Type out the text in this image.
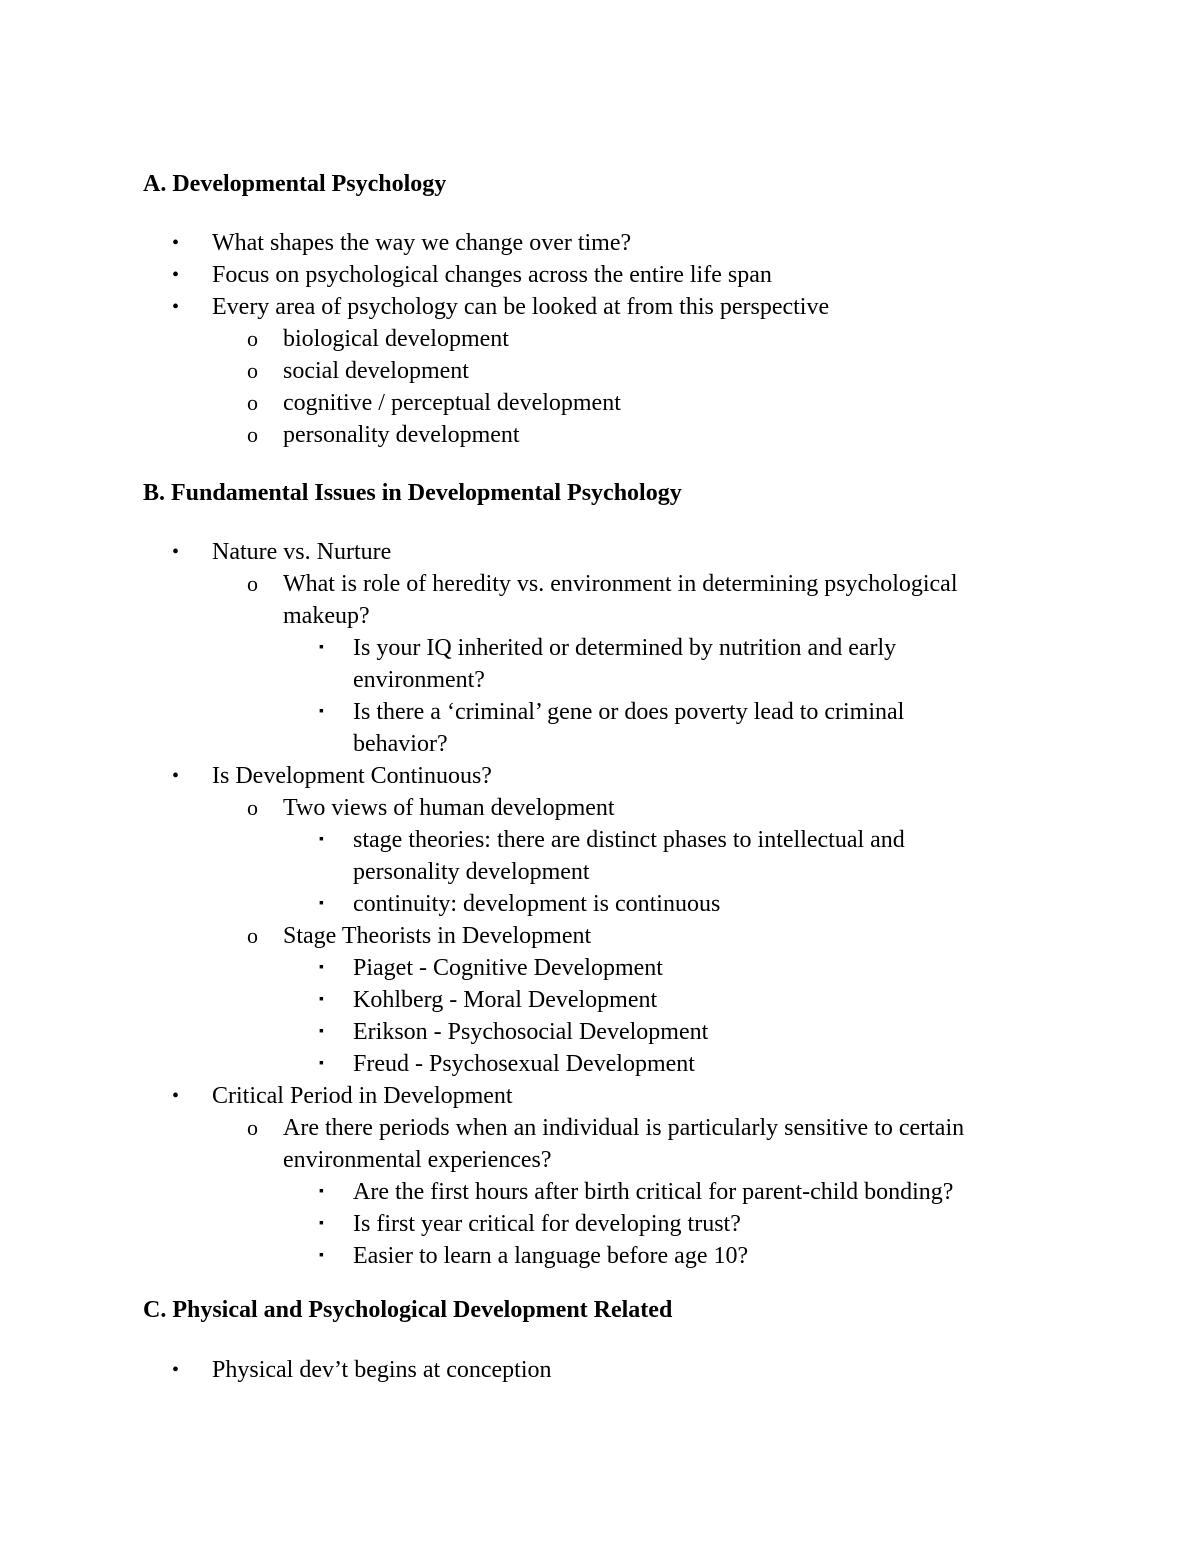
A. Developmental Psychology
• What shapes the way we change over time?
• Focus on psychological changes across the entire life span
• Every area of psychology can be looked at from this perspective
o biological development
o social development
o cognitive / perceptual development
o personality development
B. Fundamental Issues in Developmental Psychology
• Nature vs. Nurture
o What is role of heredity vs. environment in determining psychological makeup?
▪ Is your IQ inherited or determined by nutrition and early environment?
▪ Is there a ‘criminal’ gene or does poverty lead to criminal behavior?
• Is Development Continuous?
o Two views of human development
▪ stage theories: there are distinct phases to intellectual and personality development
▪ continuity: development is continuous
o Stage Theorists in Development
▪ Piaget - Cognitive Development
▪ Kohlberg - Moral Development
▪ Erikson - Psychosocial Development
▪ Freud - Psychosexual Development
• Critical Period in Development
o Are there periods when an individual is particularly sensitive to certain environmental experiences?
▪ Are the first hours after birth critical for parent-child bonding?
▪ Is first year critical for developing trust?
▪ Easier to learn a language before age 10?
C. Physical and Psychological Development Related
• Physical dev’t begins at conception
